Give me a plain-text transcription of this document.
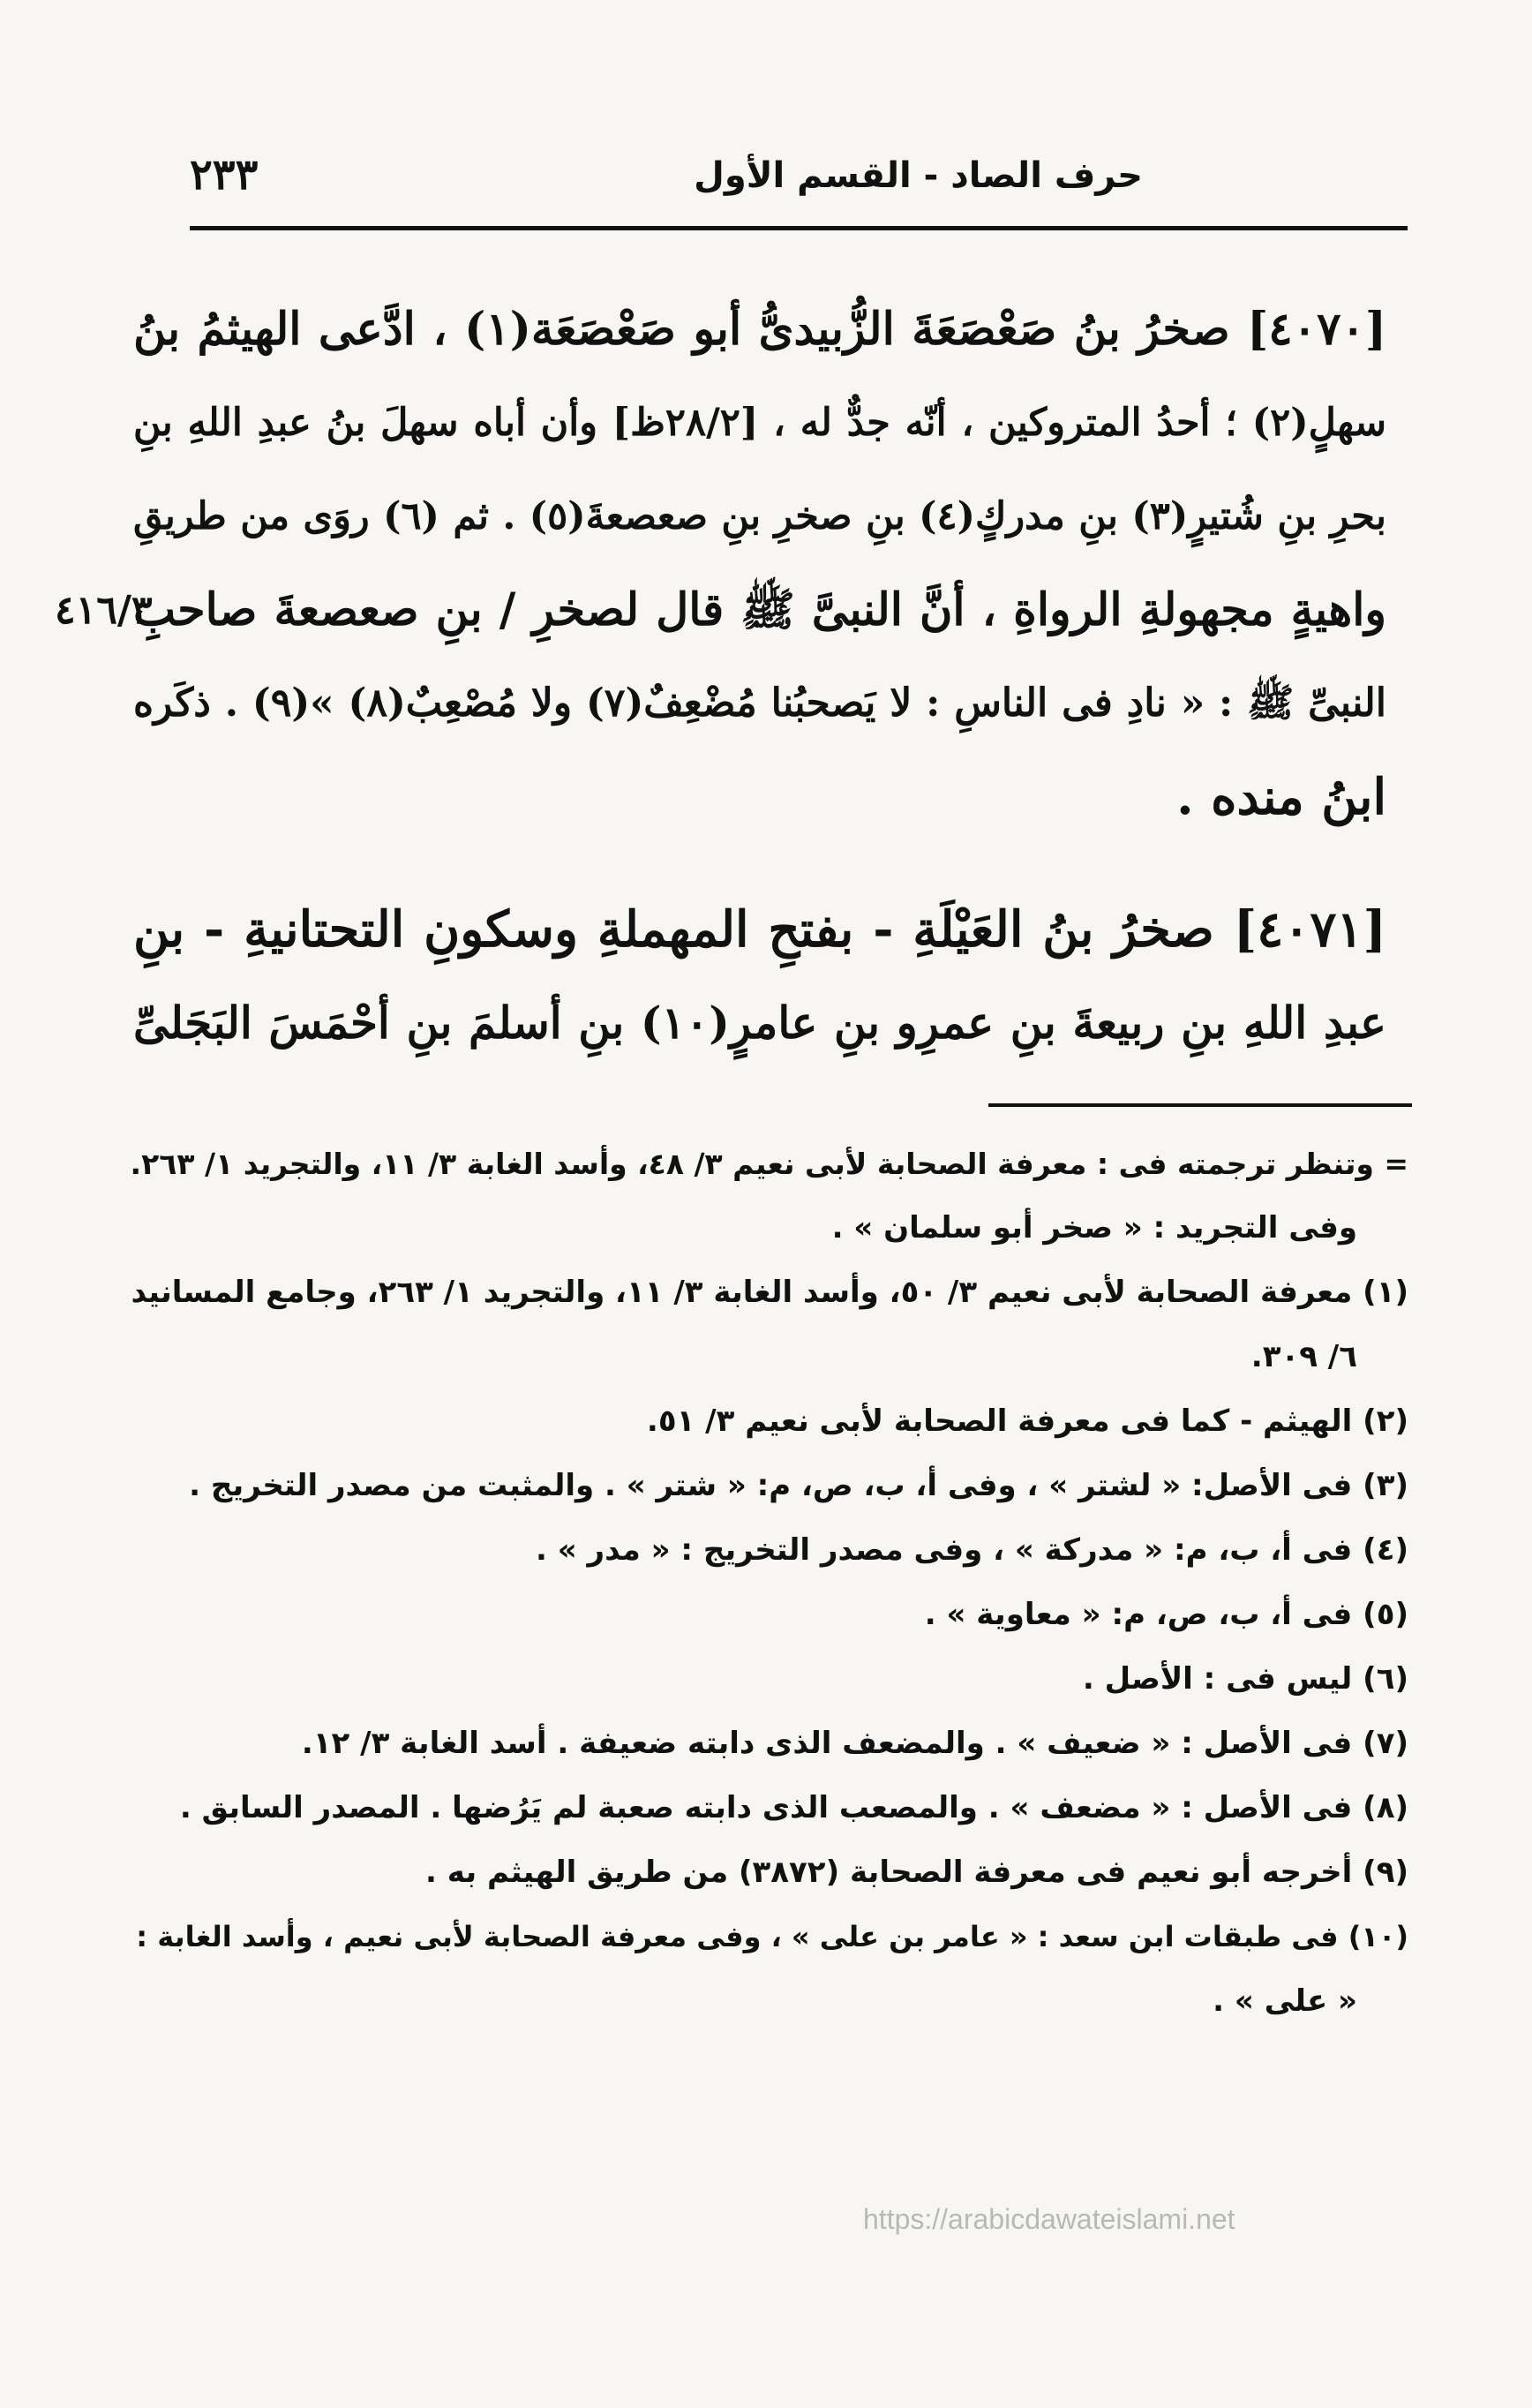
حرف الصاد - القسم الأول
٢٣٣
٤١٦/٣
[٤٠٧٠] صخرُ بنُ صَعْصَعَةَ الزُّبيدىُّ أبو صَعْصَعَة(١) ، ادَّعى الهيثمُ بنُ
سهلٍ(٢) ؛ أحدُ المتروكين ، أنّه جدٌّ له ، [٢٨/٢ظ] وأن أباه سهلَ بنُ عبدِ اللهِ بنِ
بحرِ بنِ شُتيرٍ(٣) بنِ مدركٍ(٤) بنِ صخرِ بنِ صعصعةَ(٥) . ثم (٦) روَى من طريقِ
واهيةٍ مجهولةِ الرواةِ ، أنَّ النبىَّ ﷺ قال لصخرِ / بنِ صعصعةَ صاحبِ
النبىِّ ﷺ : « نادِ فى الناسِ : لا يَصحبُنا مُضْعِفٌ(٧) ولا مُصْعِبٌ(٨) »(٩) . ذكَره
ابنُ منده .
[٤٠٧١] صخرُ بنُ العَيْلَةِ - بفتحِ المهملةِ وسكونِ التحتانيةِ - بنِ
عبدِ اللهِ بنِ ربيعةَ بنِ عمرِو بنِ عامرٍ(١٠) بنِ أسلمَ بنِ أحْمَسَ البَجَلىِّ
= وتنظر ترجمته فى : معرفة الصحابة لأبى نعيم ٣/ ٤٨، وأسد الغابة ٣/ ١١، والتجريد ١/ ٢٦٣.
وفى التجريد : « صخر أبو سلمان » .
(١) معرفة الصحابة لأبى نعيم ٣/ ٥٠، وأسد الغابة ٣/ ١١، والتجريد ١/ ٢٦٣، وجامع المسانيد
٦/ ٣٠٩.
(٢) الهيثم - كما فى معرفة الصحابة لأبى نعيم ٣/ ٥١.
(٣) فى الأصل: « لشتر » ، وفى أ، ب، ص، م: « شتر » . والمثبت من مصدر التخريج .
(٤) فى أ، ب، م: « مدركة » ، وفى مصدر التخريج : « مدر » .
(٥) فى أ، ب، ص، م: « معاوية » .
(٦) ليس فى : الأصل .
(٧) فى الأصل : « ضعيف » . والمضعف الذى دابته ضعيفة . أسد الغابة ٣/ ١٢.
(٨) فى الأصل : « مضعف » . والمصعب الذى دابته صعبة لم يَرُضها . المصدر السابق .
(٩) أخرجه أبو نعيم فى معرفة الصحابة (٣٨٧٢) من طريق الهيثم به .
(١٠) فى طبقات ابن سعد : « عامر بن على » ، وفى معرفة الصحابة لأبى نعيم ، وأسد الغابة :
« على » .
https://arabicdawateislami.net
